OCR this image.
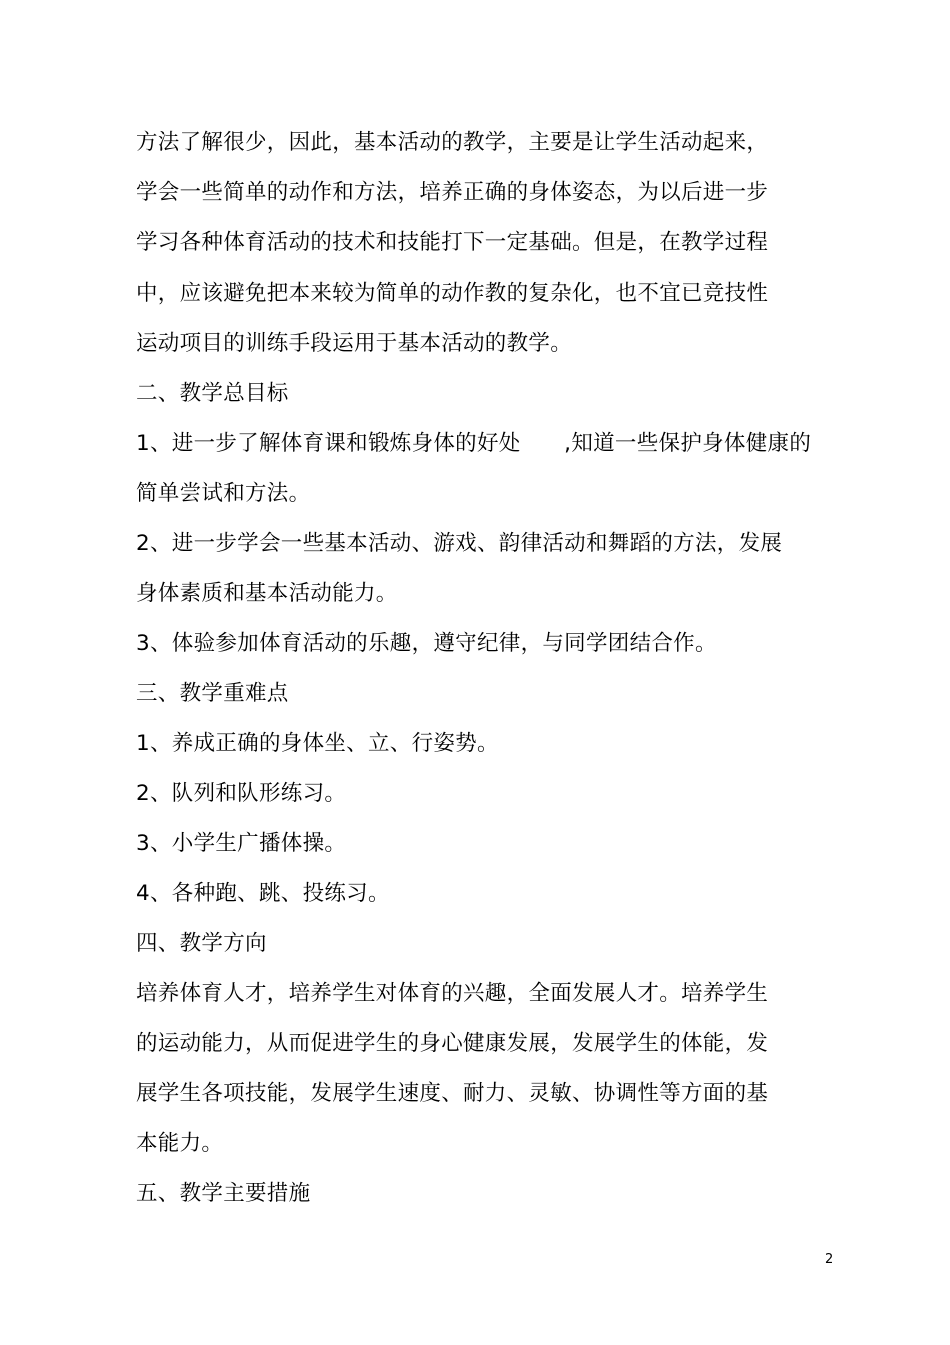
方法了解很少，因此，基本活动的教学，主要是让学生活动起来，
学会一些简单的动作和方法，培养正确的身体姿态，为以后进一步
学习各种体育活动的技术和技能打下一定基础。但是，在教学过程
中，应该避免把本来较为简单的动作教的复杂化，也不宜已竞技性
运动项目的训练手段运用于基本活动的教学。
二、教学总目标
1、进一步了解体育课和锻炼身体的好处　　,知道一些保护身体健康的
简单尝试和方法。
2、进一步学会一些基本活动、游戏、韵律活动和舞蹈的方法，发展
身体素质和基本活动能力。
3、体验参加体育活动的乐趣，遵守纪律，与同学团结合作。
三、教学重难点
1、养成正确的身体坐、立、行姿势。
2、队列和队形练习。
3、小学生广播体操。
4、各种跑、跳、投练习。
四、教学方向
培养体育人才，培养学生对体育的兴趣，全面发展人才。培养学生
的运动能力，从而促进学生的身心健康发展，发展学生的体能，发
展学生各项技能，发展学生速度、耐力、灵敏、协调性等方面的基
本能力。
五、教学主要措施
2
